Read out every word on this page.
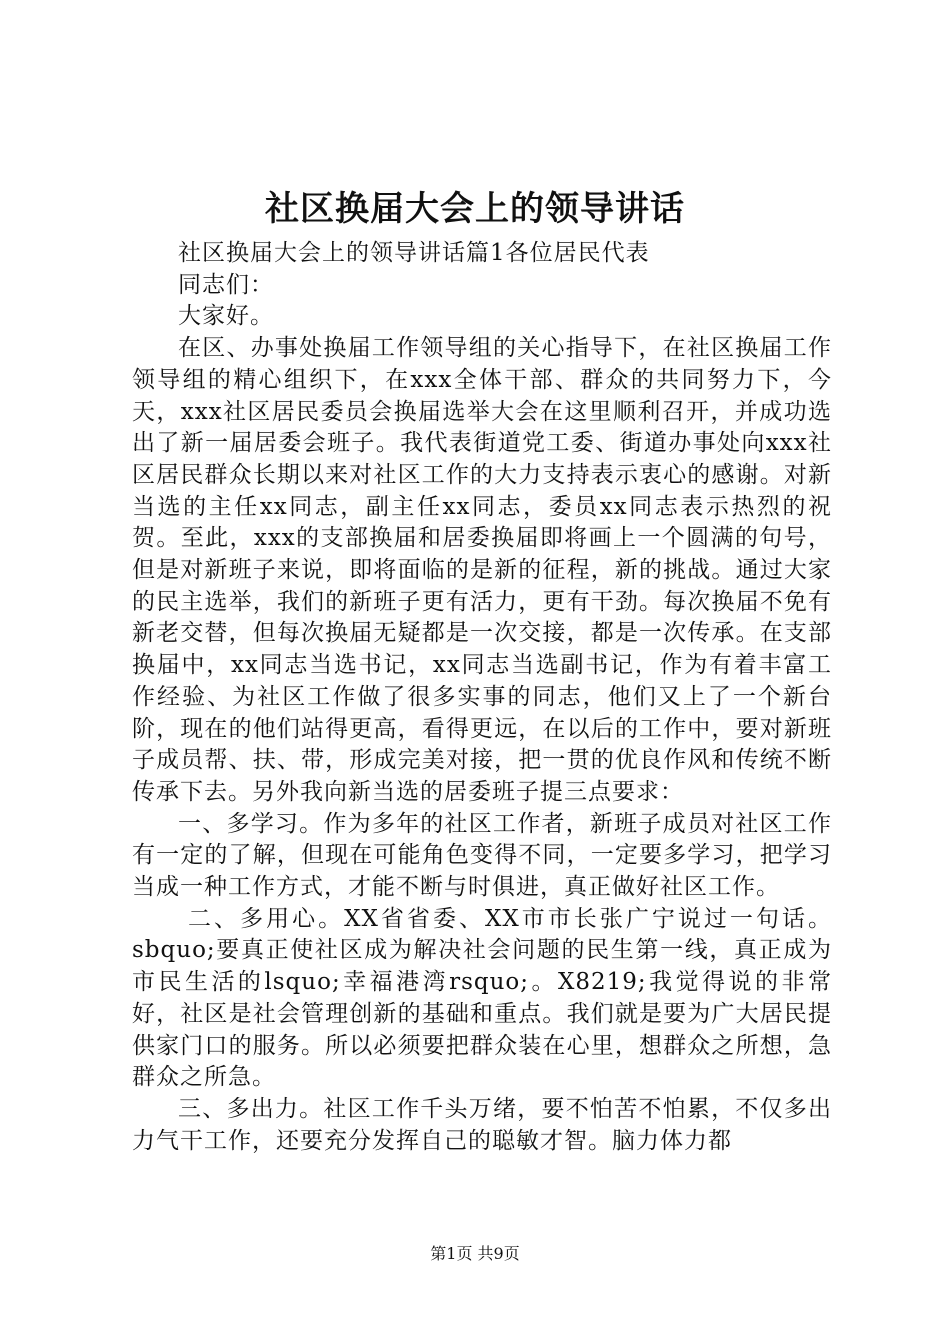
社区换届大会上的领导讲话

社区换届大会上的领导讲话篇1各位居民代表

同志们：

大家好。

在区、办事处换届工作领导组的关心指导下，在社区换届工作领导组的精心组织下，在xxx全体干部、群众的共同努力下，今天，xxx社区居民委员会换届选举大会在这里顺利召开，并成功选出了新一届居委会班子。我代表街道党工委、街道办事处向xxx社区居民群众长期以来对社区工作的大力支持表示衷心的感谢。对新当选的主任xx同志，副主任xx同志，委员xx同志表示热烈的祝贺。至此，xxx的支部换届和居委换届即将画上一个圆满的句号，但是对新班子来说，即将面临的是新的征程，新的挑战。通过大家的民主选举，我们的新班子更有活力，更有干劲。每次换届不免有新老交替，但每次换届无疑都是一次交接，都是一次传承。在支部换届中，xx同志当选书记，xx同志当选副书记，作为有着丰富工作经验、为社区工作做了很多实事的同志，他们又上了一个新台阶，现在的他们站得更高，看得更远，在以后的工作中，要对新班子成员帮、扶、带，形成完美对接，把一贯的优良作风和传统不断传承下去。另外我向新当选的居委班子提三点要求：

一、多学习。作为多年的社区工作者，新班子成员对社区工作有一定的了解，但现在可能角色变得不同，一定要多学习，把学习当成一种工作方式，才能不断与时俱进，真正做好社区工作。

二、多用心。XX省省委、XX市市长张广宁说过一句话。sbquo;要真正使社区成为解决社会问题的民生第一线，真正成为市民生活的lsquo;幸福港湾rsquo;。X8219;我觉得说的非常好，社区是社会管理创新的基础和重点。我们就是要为广大居民提供家门口的服务。所以必须要把群众装在心里，想群众之所想，急群众之所急。

三、多出力。社区工作千头万绪，要不怕苦不怕累，不仅多出力气干工作，还要充分发挥自己的聪敏才智。脑力体力都

第1页 共9页
